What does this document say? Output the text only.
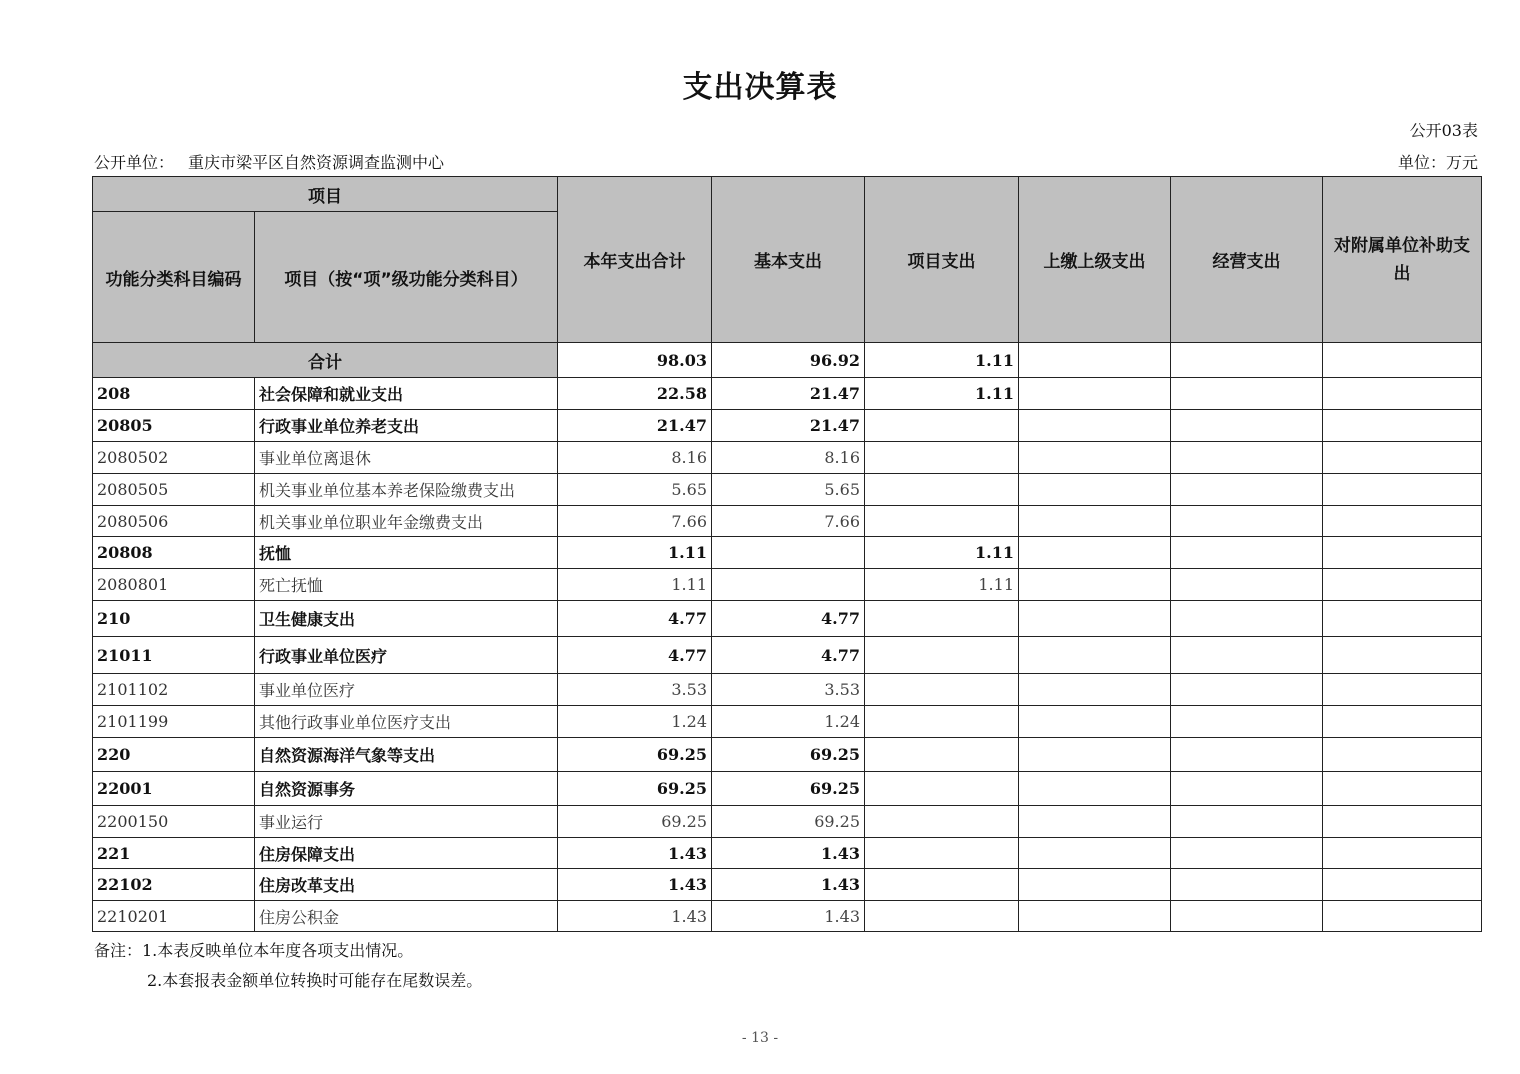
支出决算表
公开03表
公开单位： 重庆市梁平区自然资源调查监测中心	单位：万元
项目		本年支出合计	基本支出	项目支出	上缴上级支出	经营支出	对附属单位补助支出
功能分类科目编码	项目（按“项”级功能分类科目）						
合计		98.03	96.92	1.11			
208	社会保障和就业支出	22.58	21.47	1.11			
20805	行政事业单位养老支出	21.47	21.47				
2080502	事业单位离退休	8.16	8.16				
2080505	机关事业单位基本养老保险缴费支出	5.65	5.65				
2080506	机关事业单位职业年金缴费支出	7.66	7.66				
20808	抚恤	1.11		1.11			
2080801	死亡抚恤	1.11		1.11			
210	卫生健康支出	4.77	4.77				
21011	行政事业单位医疗	4.77	4.77				
2101102	事业单位医疗	3.53	3.53				
2101199	其他行政事业单位医疗支出	1.24	1.24				
220	自然资源海洋气象等支出	69.25	69.25				
22001	自然资源事务	69.25	69.25				
2200150	事业运行	69.25	69.25				
221	住房保障支出	1.43	1.43				
22102	住房改革支出	1.43	1.43				
2210201	住房公积金	1.43	1.43				
备注：1.本表反映单位本年度各项支出情况。
2.本套报表金额单位转换时可能存在尾数误差。
- 13 -
